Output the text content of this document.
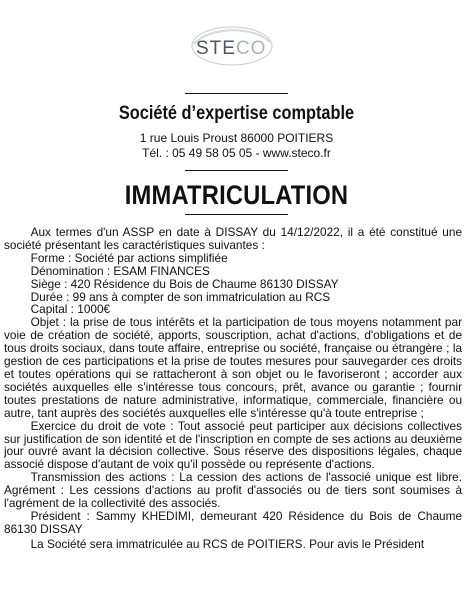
STECO
Société d’expertise comptable
1 rue Louis Proust 86000 POITIERS
Tél. : 05 49 58 05 05 - www.steco.fr
IMMATRICULATION

Aux termes d'un ASSP en date à DISSAY du 14/12/2022, il a été constitué une société présentant les caractéristiques suivantes :

Forme : Société par actions simplifiée

Dénomination : ESAM FINANCES

Siège : 420 Résidence du Bois de Chaume 86130 DISSAY

Durée : 99 ans à compter de son immatriculation au RCS

Capital : 1000€

Objet : la prise de tous intérêts et la participation de tous moyens notamment par voie de création de société, apports, souscription, achat d'actions, d'obligations et de tous droits sociaux, dans toute affaire, entreprise ou société, française ou étrangère ; la gestion de ces participations et la prise de toutes mesures pour sauvegarder ces droits et toutes opérations qui se rattacheront à son objet ou le favoriseront ; accorder aux sociétés auxquelles elle s'intéresse tous concours, prêt, avance ou garantie ; fournir toutes prestations de nature administrative, informatique, commerciale, financière ou autre, tant auprès des sociétés auxquelles elle s'intéresse qu'à toute entreprise ;

Exercice du droit de vote : Tout associé peut participer aux décisions collectives sur justification de son identité et de l'inscription en compte de ses actions au deuxième jour ouvré avant la décision collective. Sous réserve des dispositions légales, chaque associé dispose d'autant de voix qu'il possède ou représente d'actions.

Transmission des actions : La cession des actions de l'associé unique est libre. Agrément : Les cessions d'actions au profit d'associés ou de tiers sont soumises à l'agrément de la collectivité des associés.

Président : Sammy KHEDIMI, demeurant 420 Résidence du Bois de Chaume 86130 DISSAY

La Société sera immatriculée au RCS de POITIERS. Pour avis le Président
